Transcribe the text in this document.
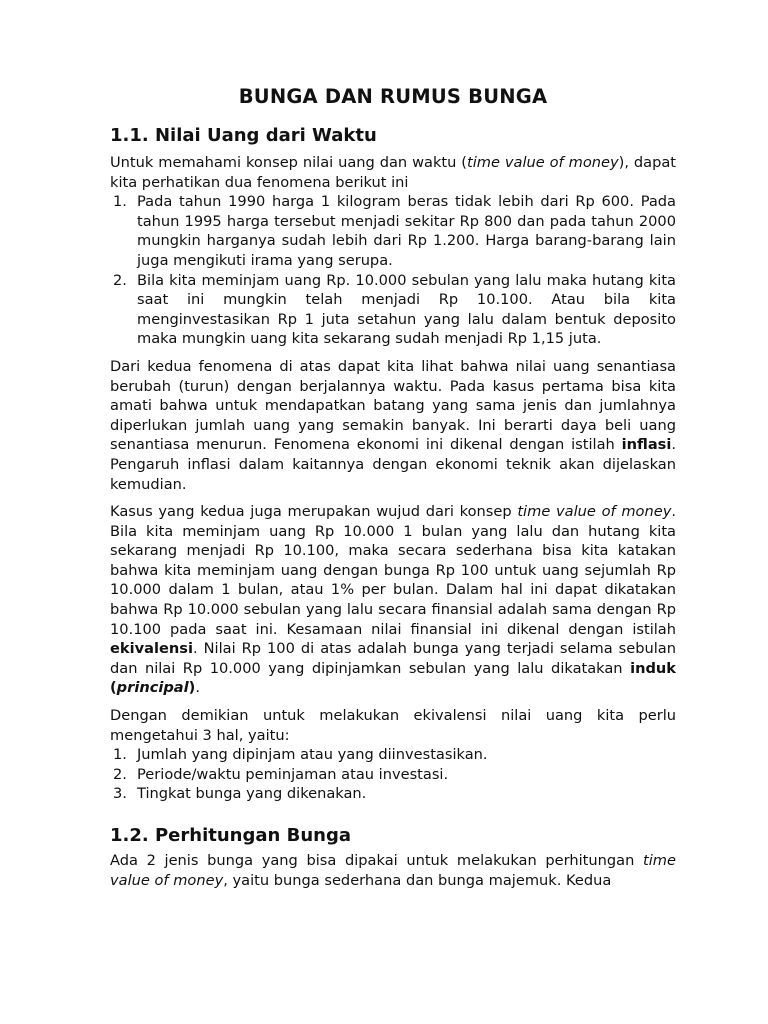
BUNGA DAN RUMUS BUNGA
1.1. Nilai Uang dari Waktu

Untuk memahami konsep nilai uang dan waktu (time value of money), dapat kita perhatikan dua fenomena berikut ini

1. Pada tahun 1990 harga 1 kilogram beras tidak lebih dari Rp 600. Pada tahun 1995 harga tersebut menjadi sekitar Rp 800 dan pada tahun 2000 mungkin harganya sudah lebih dari Rp 1.200. Harga barang-barang lain juga mengikuti irama yang serupa.
2. Bila kita meminjam uang Rp. 10.000 sebulan yang lalu maka hutang kita saat ini mungkin telah menjadi Rp 10.100. Atau bila kita menginvestasikan Rp 1 juta setahun yang lalu dalam bentuk deposito maka mungkin uang kita sekarang sudah menjadi Rp 1,15 juta.

Dari kedua fenomena di atas dapat kita lihat bahwa nilai uang senantiasa berubah (turun) dengan berjalannya waktu. Pada kasus pertama bisa kita amati bahwa untuk mendapatkan batang yang sama jenis dan jumlahnya diperlukan jumlah uang yang semakin banyak. Ini berarti daya beli uang senantiasa menurun. Fenomena ekonomi ini dikenal dengan istilah inflasi. Pengaruh inflasi dalam kaitannya dengan ekonomi teknik akan dijelaskan kemudian.

Kasus yang kedua juga merupakan wujud dari konsep time value of money. Bila kita meminjam uang Rp 10.000 1 bulan yang lalu dan hutang kita sekarang menjadi Rp 10.100, maka secara sederhana bisa kita katakan bahwa kita meminjam uang dengan bunga Rp 100 untuk uang sejumlah Rp 10.000 dalam 1 bulan, atau 1% per bulan. Dalam hal ini dapat dikatakan bahwa Rp 10.000 sebulan yang lalu secara finansial adalah sama dengan Rp 10.100 pada saat ini. Kesamaan nilai finansial ini dikenal dengan istilah ekivalensi. Nilai Rp 100 di atas adalah bunga yang terjadi selama sebulan dan nilai Rp 10.000 yang dipinjamkan sebulan yang lalu dikatakan induk (principal).

Dengan demikian untuk melakukan ekivalensi nilai uang kita perlu mengetahui 3 hal, yaitu:

1. Jumlah yang dipinjam atau yang diinvestasikan.
2. Periode/waktu peminjaman atau investasi.
3. Tingkat bunga yang dikenakan.
1.2. Perhitungan Bunga

Ada 2 jenis bunga yang bisa dipakai untuk melakukan perhitungan time value of money, yaitu bunga sederhana dan bunga majemuk. Kedua
